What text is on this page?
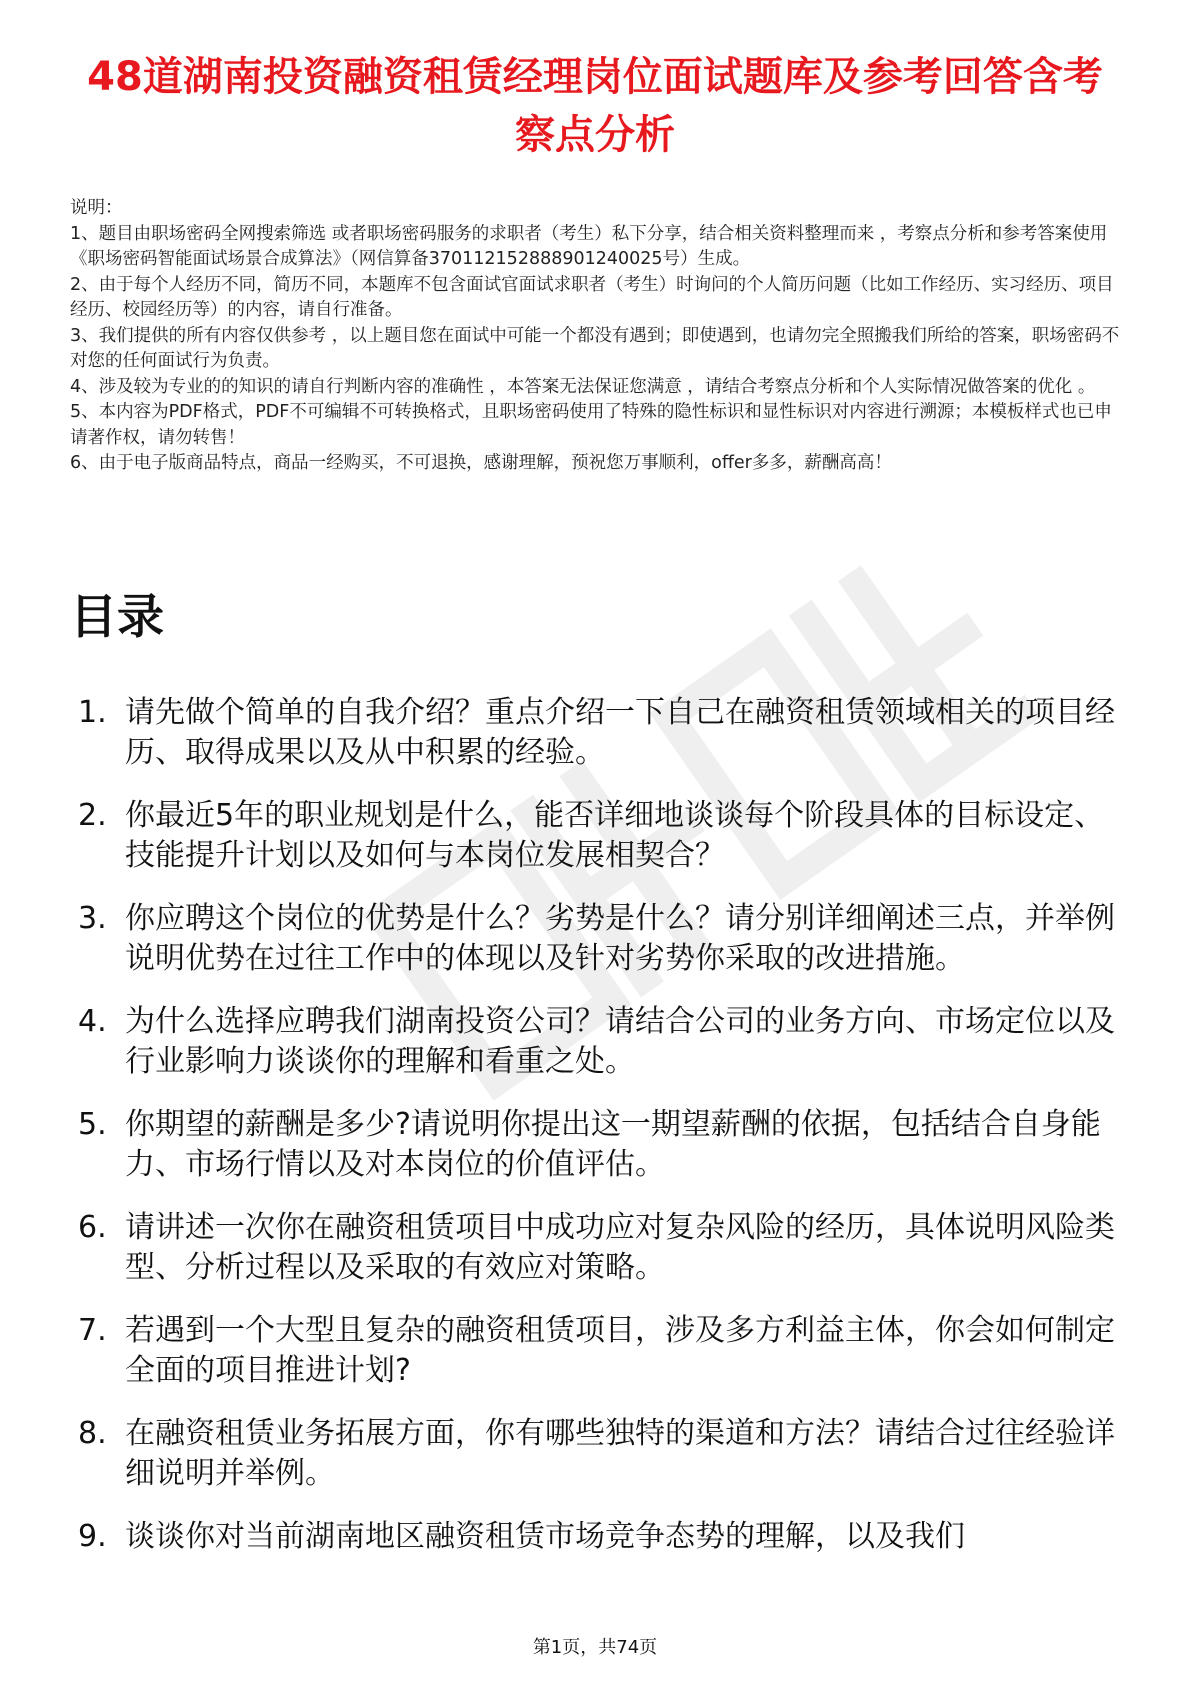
48道湖南投资融资租赁经理岗位面试题库及参考回答含考察点分析

说明：

1、题目由职场密码全网搜索筛选 或者职场密码服务的求职者（考生）私下分享，结合相关资料整理而来 ，考察点分析和参考答案使用《职场密码智能面试场景合成算法》（网信算备370112152888901240025号）生成。

2、由于每个人经历不同，简历不同，本题库不包含面试官面试求职者（考生）时询问的个人简历问题（比如工作经历、实习经历、项目经历、校园经历等）的内容，请自行准备。

3、我们提供的所有内容仅供参考 ，以上题目您在面试中可能一个都没有遇到；即使遇到，也请勿完全照搬我们所给的答案，职场密码不对您的任何面试行为负责。

4、涉及较为专业的的知识的请自行判断内容的准确性 ，本答案无法保证您满意 ，请结合考察点分析和个人实际情况做答案的优化 。

5、本内容为PDF格式，PDF不可编辑不可转换格式，且职场密码使用了特殊的隐性标识和显性标识对内容进行溯源；本模板样式也已申请著作权，请勿转售！

6、由于电子版商品特点，商品一经购买，不可退换，感谢理解，预祝您万事顺利，offer多多，薪酬高高！

目录
1. 请先做个简单的自我介绍？重点介绍一下自己在融资租赁领域相关的项目经历、取得成果以及从中积累的经验。
2. 你最近5年的职业规划是什么，能否详细地谈谈每个阶段具体的目标设定、技能提升计划以及如何与本岗位发展相契合？
3. 你应聘这个岗位的优势是什么？劣势是什么？请分别详细阐述三点，并举例说明优势在过往工作中的体现以及针对劣势你采取的改进措施。
4. 为什么选择应聘我们湖南投资公司？请结合公司的业务方向、市场定位以及行业影响力谈谈你的理解和看重之处。
5. 你期望的薪酬是多少?请说明你提出这一期望薪酬的依据，包括结合自身能力、市场行情以及对本岗位的价值评估。
6. 请讲述一次你在融资租赁项目中成功应对复杂风险的经历，具体说明风险类型、分析过程以及采取的有效应对策略。
7. 若遇到一个大型且复杂的融资租赁项目，涉及多方利益主体，你会如何制定全面的项目推进计划?
8. 在融资租赁业务拓展方面，你有哪些独特的渠道和方法？请结合过往经验详细说明并举例。
9. 谈谈你对当前湖南地区融资租赁市场竞争态势的理解，以及我们
第1页，共74页
